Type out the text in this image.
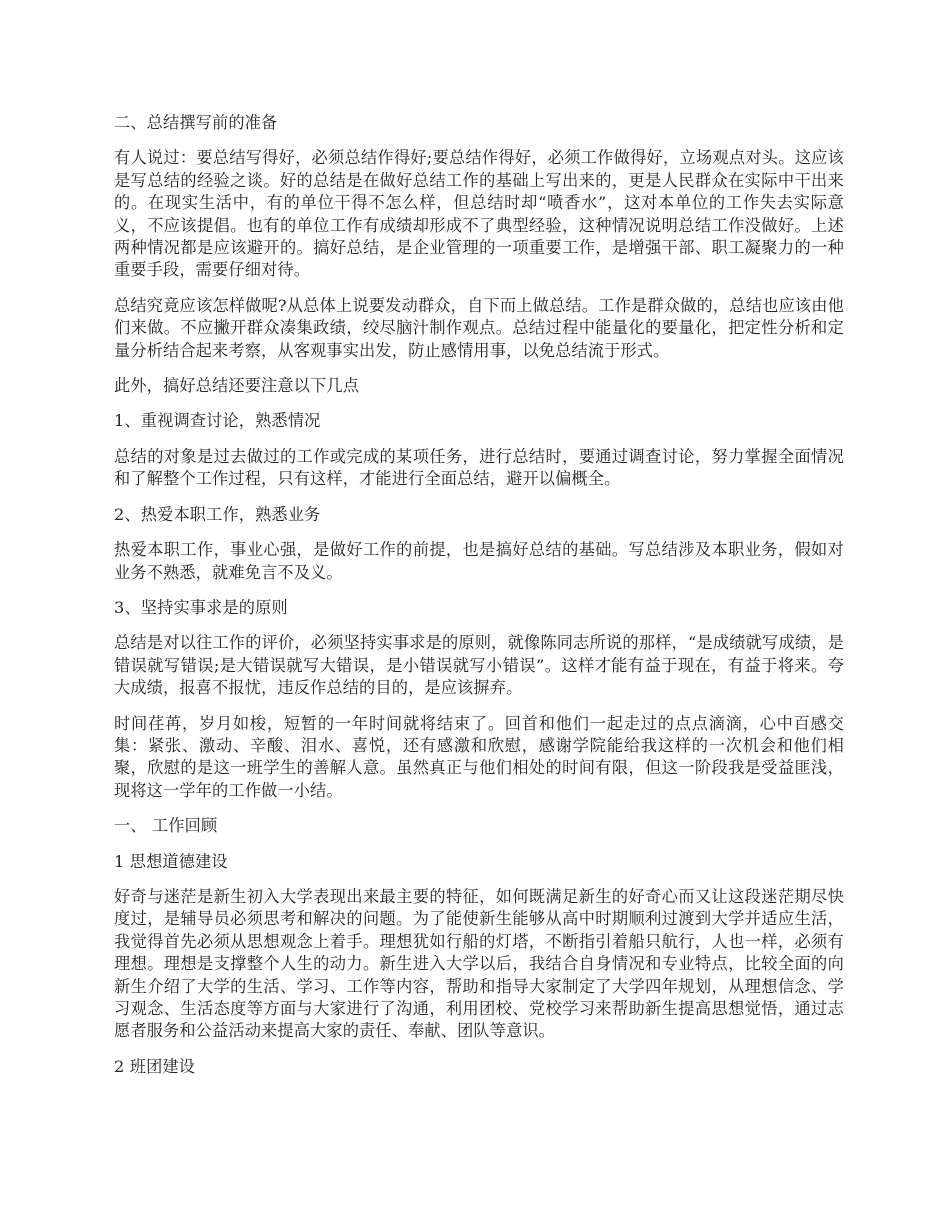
二、总结撰写前的准备

有人说过：要总结写得好，必须总结作得好;要总结作得好，必须工作做得好，立场观点对头。这应该是写总结的经验之谈。好的总结是在做好总结工作的基础上写出来的，更是人民群众在实际中干出来的。在现实生活中，有的单位干得不怎么样，但总结时却“喷香水”，这对本单位的工作失去实际意义，不应该提倡。也有的单位工作有成绩却形成不了典型经验，这种情况说明总结工作没做好。上述两种情况都是应该避开的。搞好总结，是企业管理的一项重要工作，是增强干部、职工凝聚力的一种重要手段，需要仔细对待。

总结究竟应该怎样做呢?从总体上说要发动群众，自下而上做总结。工作是群众做的，总结也应该由他们来做。不应撇开群众凑集政绩，绞尽脑汁制作观点。总结过程中能量化的要量化，把定性分析和定量分析结合起来考察，从客观事实出发，防止感情用事，以免总结流于形式。

此外，搞好总结还要注意以下几点

1、重视调查讨论，熟悉情况

总结的对象是过去做过的工作或完成的某项任务，进行总结时，要通过调查讨论，努力掌握全面情况和了解整个工作过程，只有这样，才能进行全面总结，避开以偏概全。

2、热爱本职工作，熟悉业务

热爱本职工作，事业心强，是做好工作的前提，也是搞好总结的基础。写总结涉及本职业务，假如对业务不熟悉，就难免言不及义。

3、坚持实事求是的原则

总结是对以往工作的评价，必须坚持实事求是的原则，就像陈同志所说的那样，“是成绩就写成绩，是错误就写错误;是大错误就写大错误，是小错误就写小错误”。这样才能有益于现在，有益于将来。夸大成绩，报喜不报忧，违反作总结的目的，是应该摒弃。

时间荏苒，岁月如梭，短暂的一年时间就将结束了。回首和他们一起走过的点点滴滴，心中百感交集：紧张、激动、辛酸、泪水、喜悦，还有感激和欣慰，感谢学院能给我这样的一次机会和他们相聚，欣慰的是这一班学生的善解人意。虽然真正与他们相处的时间有限，但这一阶段我是受益匪浅，现将这一学年的工作做一小结。

一、 工作回顾

1 思想道德建设

好奇与迷茫是新生初入大学表现出来最主要的特征，如何既满足新生的好奇心而又让这段迷茫期尽快度过，是辅导员必须思考和解决的问题。为了能使新生能够从高中时期顺利过渡到大学并适应生活，我觉得首先必须从思想观念上着手。理想犹如行船的灯塔，不断指引着船只航行，人也一样，必须有理想。理想是支撑整个人生的动力。新生进入大学以后，我结合自身情况和专业特点，比较全面的向新生介绍了大学的生活、学习、工作等内容，帮助和指导大家制定了大学四年规划，从理想信念、学习观念、生活态度等方面与大家进行了沟通，利用团校、党校学习来帮助新生提高思想觉悟，通过志愿者服务和公益活动来提高大家的责任、奉献、团队等意识。

2 班团建设
